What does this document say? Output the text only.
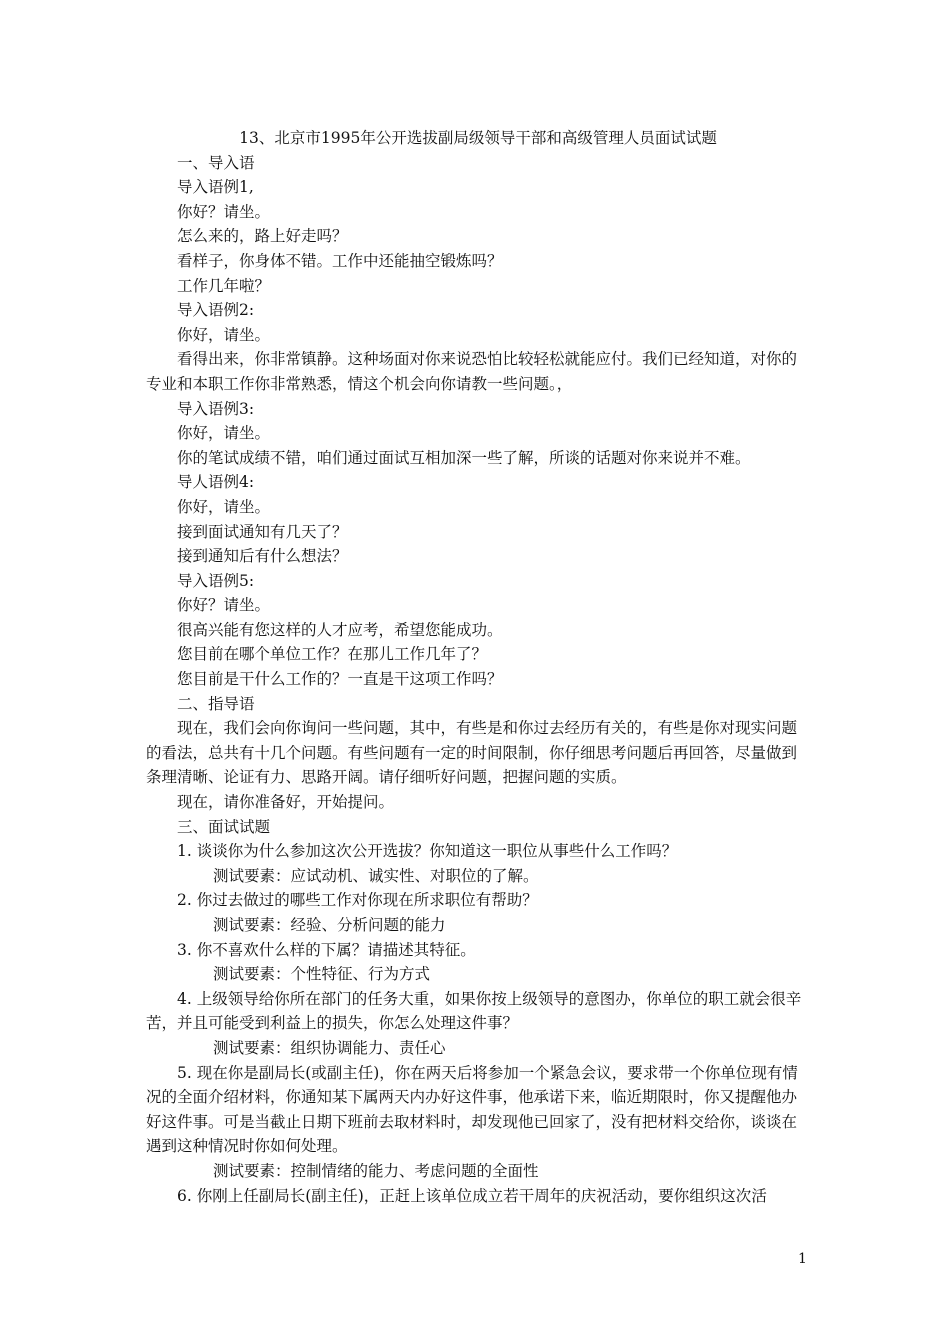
13、北京市1995年公开选拔副局级领导干部和高级管理人员面试试题

一、导入语

导入语例1,

你好？请坐。

怎么来的，路上好走吗？

看样子，你身体不错。工作中还能抽空锻炼吗？

工作几年啦？

导入语例2:

你好，请坐。

看得出来，你非常镇静。这种场面对你来说恐怕比较轻松就能应付。我们已经知道，对你的专业和本职工作你非常熟悉，情这个机会向你请教一些问题。，

导入语例3:

你好，请坐。

你的笔试成绩不错，咱们通过面试互相加深一些了解，所谈的话题对你来说并不难。

导人语例4:

你好，请坐。

接到面试通知有几天了？

接到通知后有什么想法？

导入语例5:

你好？请坐。

很高兴能有您这样的人才应考，希望您能成功。

您目前在哪个单位工作？在那儿工作几年了？

您目前是干什么工作的？一直是干这项工作吗？

二、指导语

现在，我们会向你询问一些问题，其中，有些是和你过去经历有关的，有些是你对现实问题的看法，总共有十几个问题。有些问题有一定的时间限制，你仔细思考问题后再回答，尽量做到条理清晰、论证有力、思路开阔。请仔细听好问题，把握问题的实质。

现在，请你准备好，开始提问。

三、面试试题

1. 谈谈你为什么参加这次公开选拔？你知道这一职位从事些什么工作吗？

测试要素：应试动机、诚实性、对职位的了解。

2. 你过去做过的哪些工作对你现在所求职位有帮助？

测试要素：经验、分析问题的能力

3. 你不喜欢什么样的下属？请描述其特征。

测试要素：个性特征、行为方式

4. 上级领导给你所在部门的任务大重，如果你按上级领导的意图办，你单位的职工就会很辛苦，并且可能受到利益上的损失，你怎么处理这件事？

测试要素：组织协调能力、责任心

5. 现在你是副局长(或副主任)，你在两天后将参加一个紧急会议，要求带一个你单位现有情况的全面介绍材料，你通知某下属两天内办好这件事，他承诺下来，临近期限时，你又提醒他办好这件事。可是当截止日期下班前去取材料时，却发现他已回家了，没有把材料交给你，谈谈在遇到这种情况时你如何处理。

测试要素：控制情绪的能力、考虑问题的全面性

6. 你刚上任副局长(副主任)，正赶上该单位成立若干周年的庆祝活动，要你组织这次活

1
